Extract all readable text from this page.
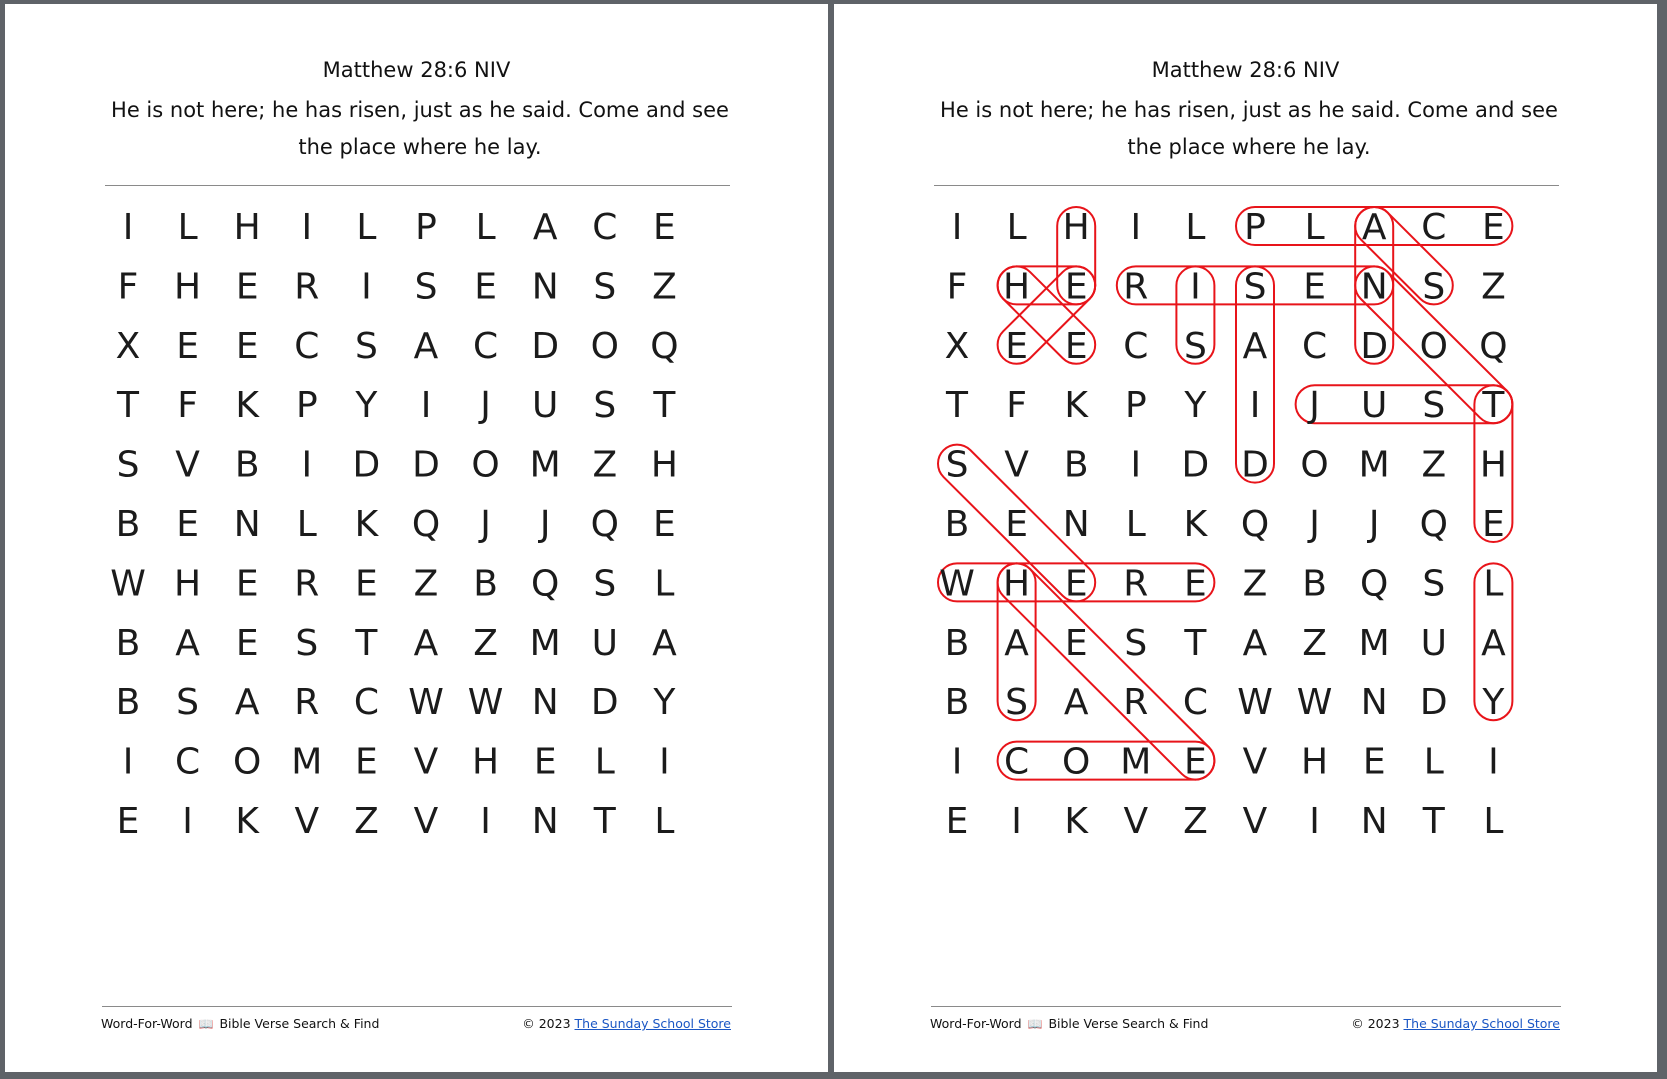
Matthew 28:6 NIV
He is not here; he has risen, just as he said. Come and see the place where he lay.
I L H I L P L A C E
F H E R I S E N S Z
X E E C S A C D O Q
T F K P Y I J U S T
S V B I D D O M Z H
B E N L K Q J J Q E
W H E R E Z B Q S L
B A E S T A Z M U A
B S A R C W W N D Y
I C O M E V H E L I
E I K V Z V I N T L
Word-For-Word 📖 Bible Verse Search & Find	© 2023 The Sunday School Store
Matthew 28:6 NIV
He is not here; he has risen, just as he said. Come and see the place where he lay.
I L H I L P L A C E
F H E R I S E N S Z
X E E C S A C D O Q
T F K P Y I J U S T
S V B I D D O M Z H
B E N L K Q J J Q E
W H E R E Z B Q S L
B A E S T A Z M U A
B S A R C W W N D Y
I C O M E V H E L I
E I K V Z V I N T L
Word-For-Word 📖 Bible Verse Search & Find	© 2023 The Sunday School Store
